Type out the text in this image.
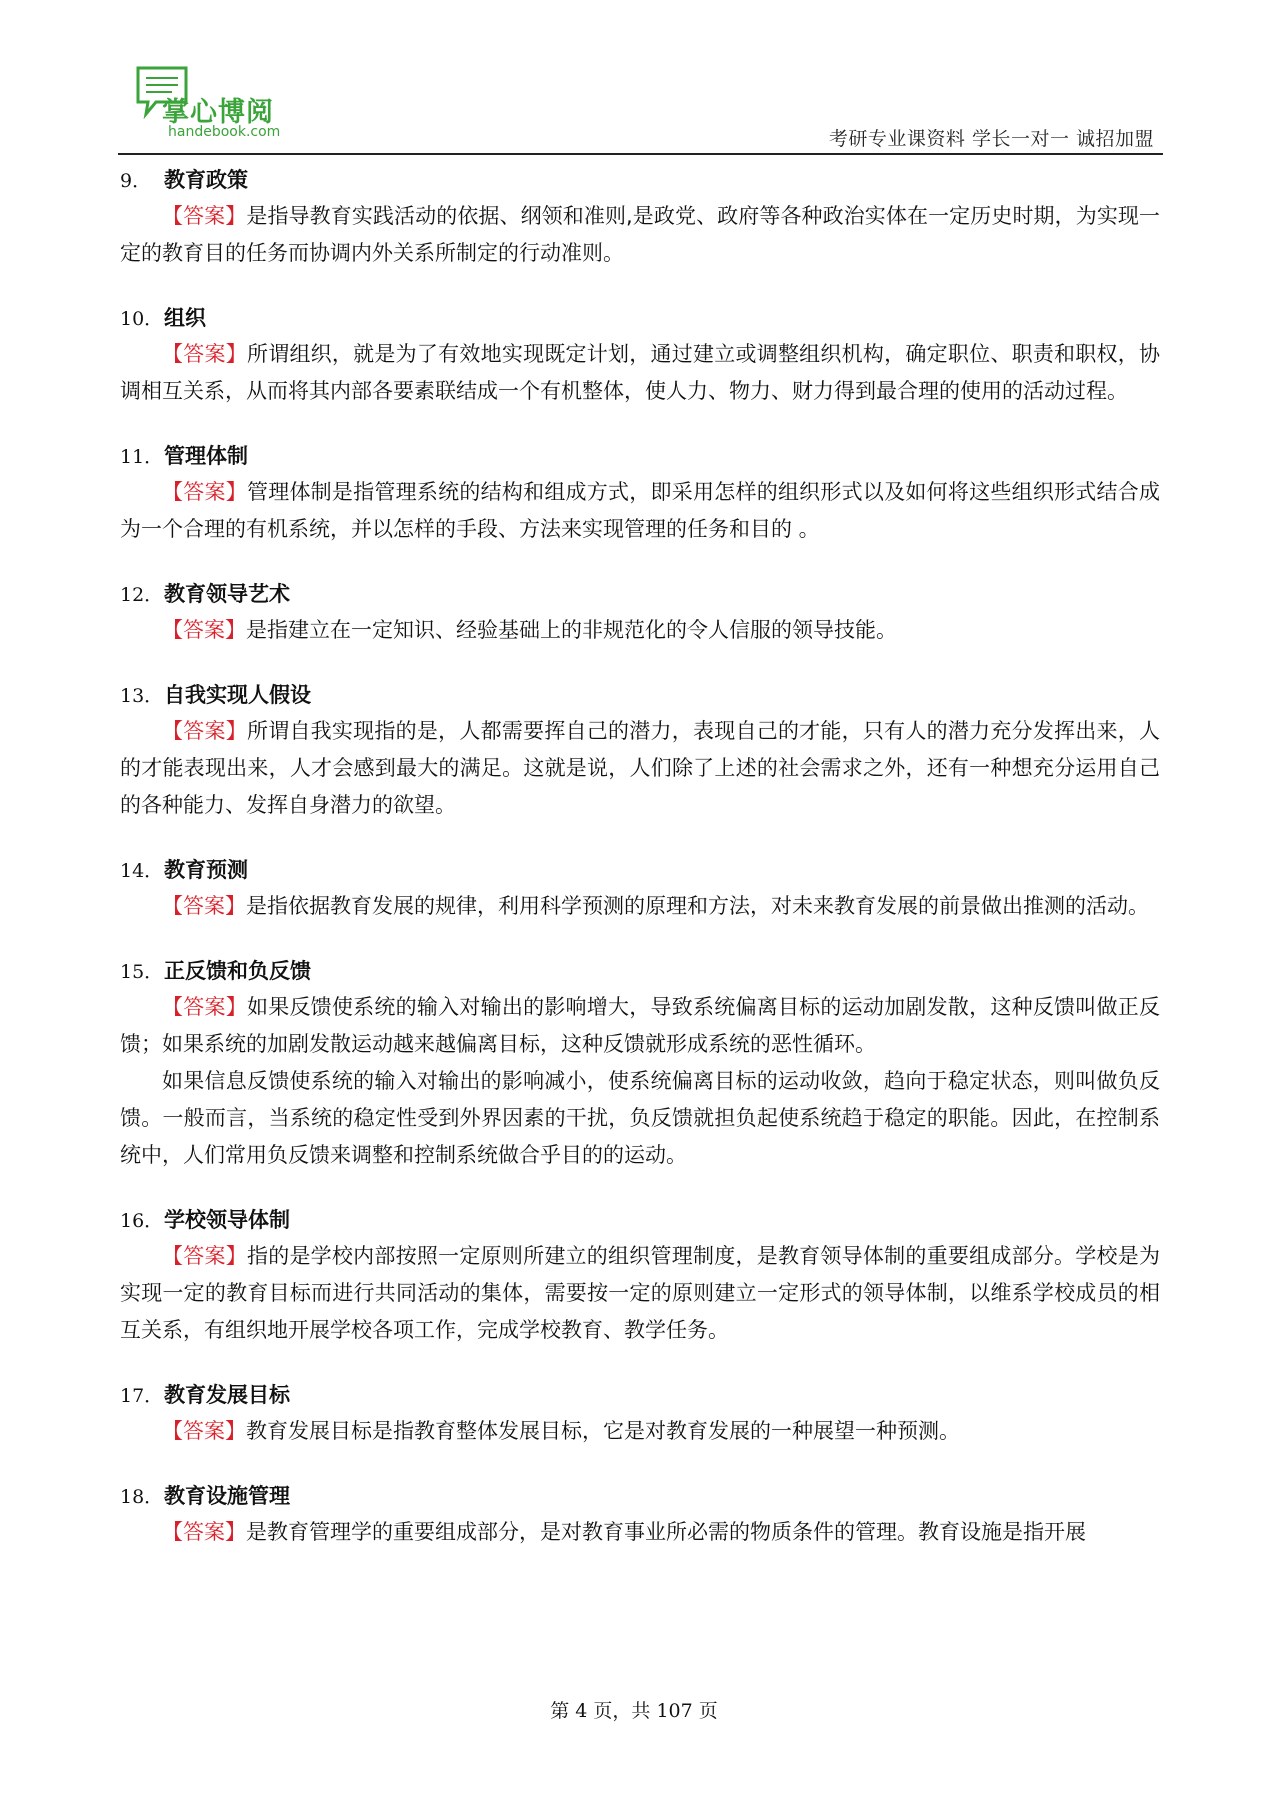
掌心博阅
handebook.com	考研专业课资料 学长一对一 诚招加盟
9． 教育政策

【答案】是指导教育实践活动的依据、纲领和准则,是政党、政府等各种政治实体在一定历史时期，为实现一定的教育目的任务而协调内外关系所制定的行动准则。

10．组织

【答案】所谓组织，就是为了有效地实现既定计划，通过建立或调整组织机构，确定职位、职责和职权，协调相互关系，从而将其内部各要素联结成一个有机整体，使人力、物力、财力得到最合理的使用的活动过程。

11．管理体制

【答案】管理体制是指管理系统的结构和组成方式，即采用怎样的组织形式以及如何将这些组织形式结合成为一个合理的有机系统，并以怎样的手段、方法来实现管理的任务和目的 。

12．教育领导艺术

【答案】是指建立在一定知识、经验基础上的非规范化的令人信服的领导技能。

13．自我实现人假设

【答案】所谓自我实现指的是，人都需要挥自己的潜力，表现自己的才能，只有人的潜力充分发挥出来，人的才能表现出来，人才会感到最大的满足。这就是说，人们除了上述的社会需求之外，还有一种想充分运用自己的各种能力、发挥自身潜力的欲望。

14．教育预测

【答案】是指依据教育发展的规律，利用科学预测的原理和方法，对未来教育发展的前景做出推测的活动。

15．正反馈和负反馈

【答案】如果反馈使系统的输入对输出的影响增大，导致系统偏离目标的运动加剧发散，这种反馈叫做正反馈；如果系统的加剧发散运动越来越偏离目标，这种反馈就形成系统的恶性循环。

如果信息反馈使系统的输入对输出的影响减小，使系统偏离目标的运动收敛，趋向于稳定状态，则叫做负反馈。一般而言，当系统的稳定性受到外界因素的干扰，负反馈就担负起使系统趋于稳定的职能。因此，在控制系统中，人们常用负反馈来调整和控制系统做合乎目的的运动。

16．学校领导体制

【答案】指的是学校内部按照一定原则所建立的组织管理制度，是教育领导体制的重要组成部分。学校是为实现一定的教育目标而进行共同活动的集体，需要按一定的原则建立一定形式的领导体制，以维系学校成员的相互关系，有组织地开展学校各项工作，完成学校教育、教学任务。

17．教育发展目标

【答案】教育发展目标是指教育整体发展目标，它是对教育发展的一种展望一种预测。

18．教育设施管理

【答案】是教育管理学的重要组成部分，是对教育事业所必需的物质条件的管理。教育设施是指开展

第 4 页，共 107 页
